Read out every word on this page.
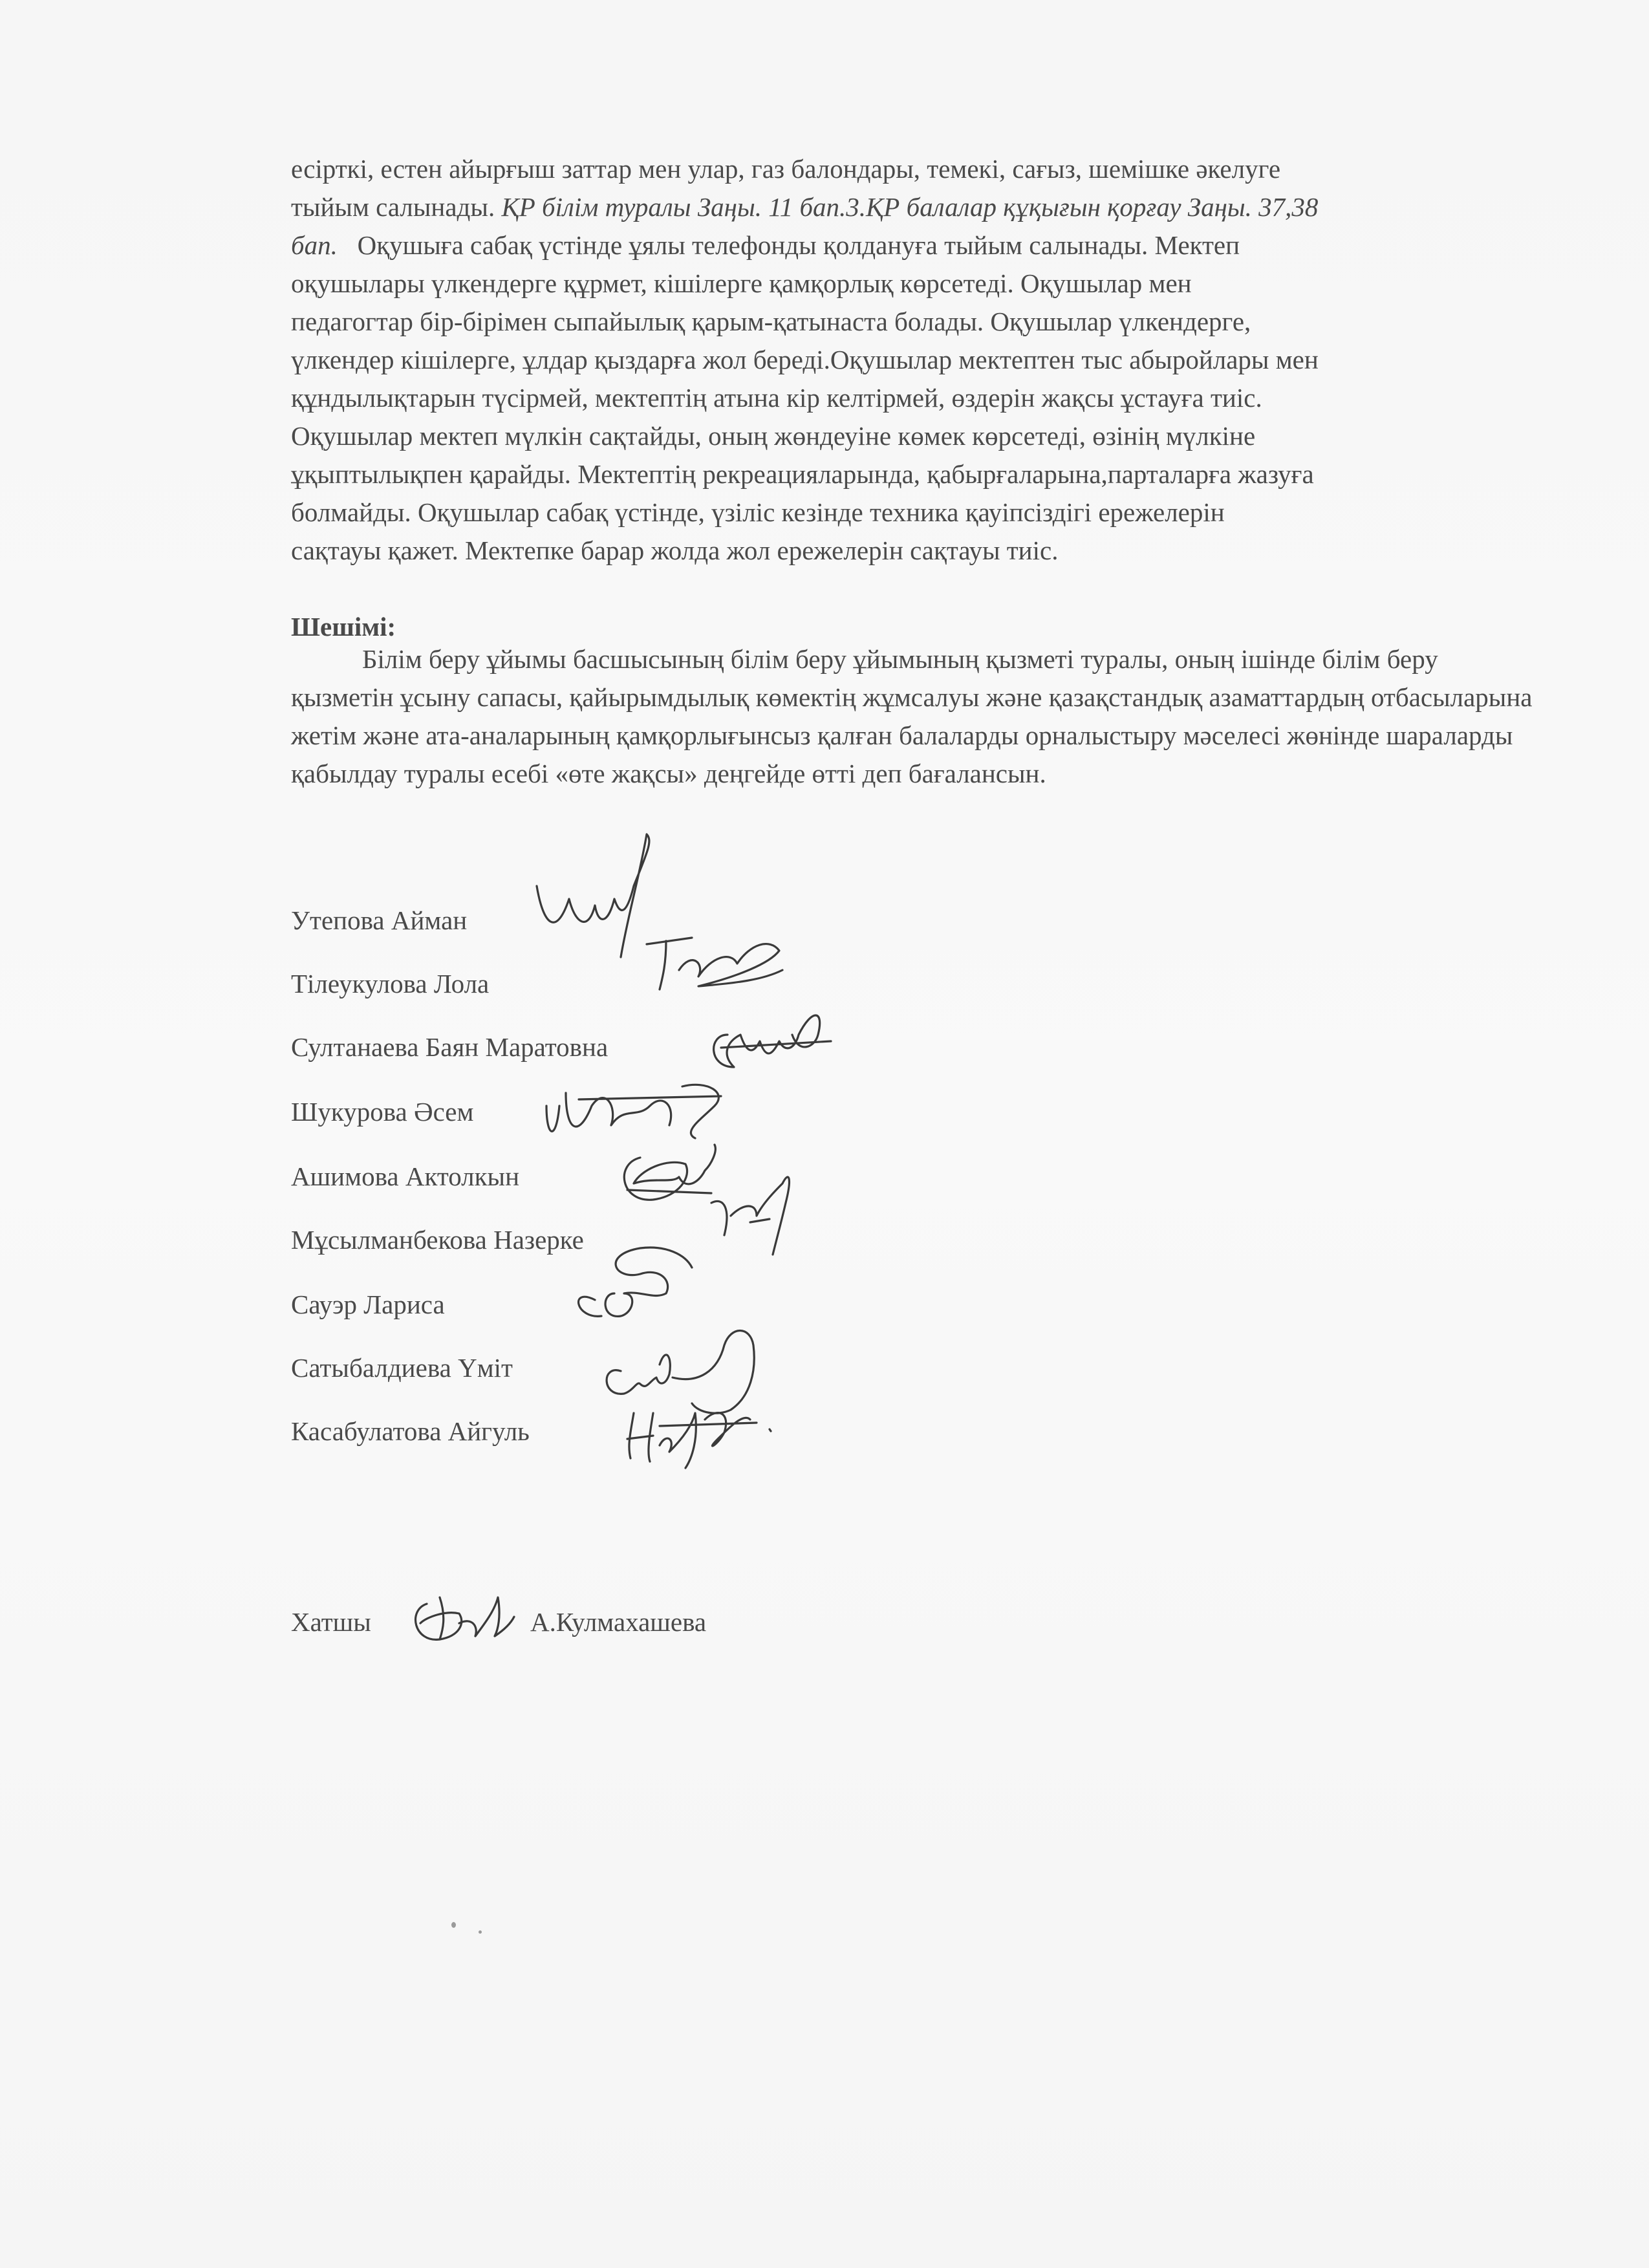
есірткі, естен айырғыш заттар мен улар, газ балондары, темекі, сағыз, шемішке әкелуге

тыйым салынады. ҚР білім туралы Заңы. 11 бап.3.ҚР балалар құқығын қорғау Заңы. 37,38

бап.   Оқушыға сабақ үстінде ұялы телефонды қолдануға тыйым салынады. Мектеп

оқушылары үлкендерге құрмет, кішілерге қамқорлық көрсетеді. Оқушылар мен

педагогтар бір-бірімен сыпайылық қарым-қатынаста болады. Оқушылар үлкендерге,

үлкендер кішілерге, ұлдар қыздарға жол береді.Оқушылар мектептен тыс абыройлары мен

құндылықтарын түсірмей, мектептің атына кір келтірмей, өздерін жақсы ұстауға тиіс.

Оқушылар мектеп мүлкін сақтайды, оның жөндеуіне көмек көрсетеді, өзінің мүлкіне

ұқыптылықпен қарайды. Мектептің рекреацияларында, қабырғаларына,парталарға жазуға

болмайды. Оқушылар сабақ үстінде, үзіліс кезінде техника қауіпсіздігі ережелерін

сақтауы қажет. Мектепке барар жолда жол ережелерін сақтауы тиіс.

Шешімі:
Білім беру ұйымы басшысының білім беру ұйымының қызметі туралы, оның ішінде білім беру қызметін ұсыну сапасы, қайырымдылық көмектің жұмсалуы және қазақстандық азаматтардың отбасыларына жетім және ата-аналарының қамқорлығынсыз қалған балаларды орналыстыру мәселесі жөнінде шараларды қабылдау туралы есебі «өте жақсы» деңгейде өтті деп бағалансын.
Утепова Айман
Тілеукулова Лола
Султанаева Баян Маратовна
Шукурова Әсем
Ашимова Актолкын
Мұсылманбекова Назерке
Сауэр Лариса
Сатыбалдиева Үміт
Касабулатова Айгуль
Хатшы	А.Кулмахашева
